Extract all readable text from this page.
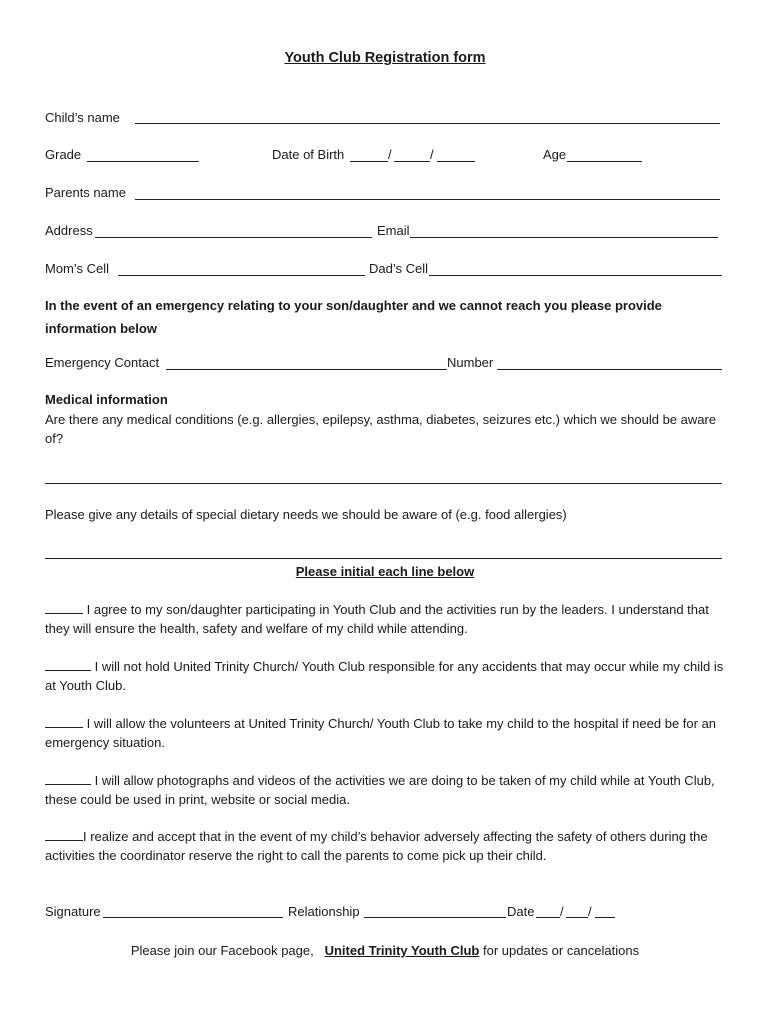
Youth Club Registration form
Child’s name
Grade	Date of Birth	/	/	Age
Parents name
Address	Email
Mom’s Cell	Dad’s Cell
In the event of an emergency relating to your son/daughter and we cannot reach you please provide
information below
Emergency Contact	Number
Medical information
Are there any medical conditions (e.g. allergies, epilepsy, asthma, diabetes, seizures etc.) which we should be aware of?
Please give any details of special dietary needs we should be aware of (e.g. food allergies)
Please initial each line below
I agree to my son/daughter participating in Youth Club and the activities run by the leaders. I understand that they will ensure the health, safety and welfare of my child while attending.
I will not hold United Trinity Church/ Youth Club responsible for any accidents that may occur while my child is at Youth Club.
I will allow the volunteers at United Trinity Church/ Youth Club to take my child to the hospital if need be for an emergency situation.
I will allow photographs and videos of the activities we are doing to be taken of my child while at Youth Club, these could be used in print, website or social media.
I realize and accept that in the event of my child’s behavior adversely affecting the safety of others during the activities the coordinator reserve the right to call the parents to come pick up their child.
Signature	Relationship	Date / /
Please join our Facebook page, United Trinity Youth Club for updates or cancelations
